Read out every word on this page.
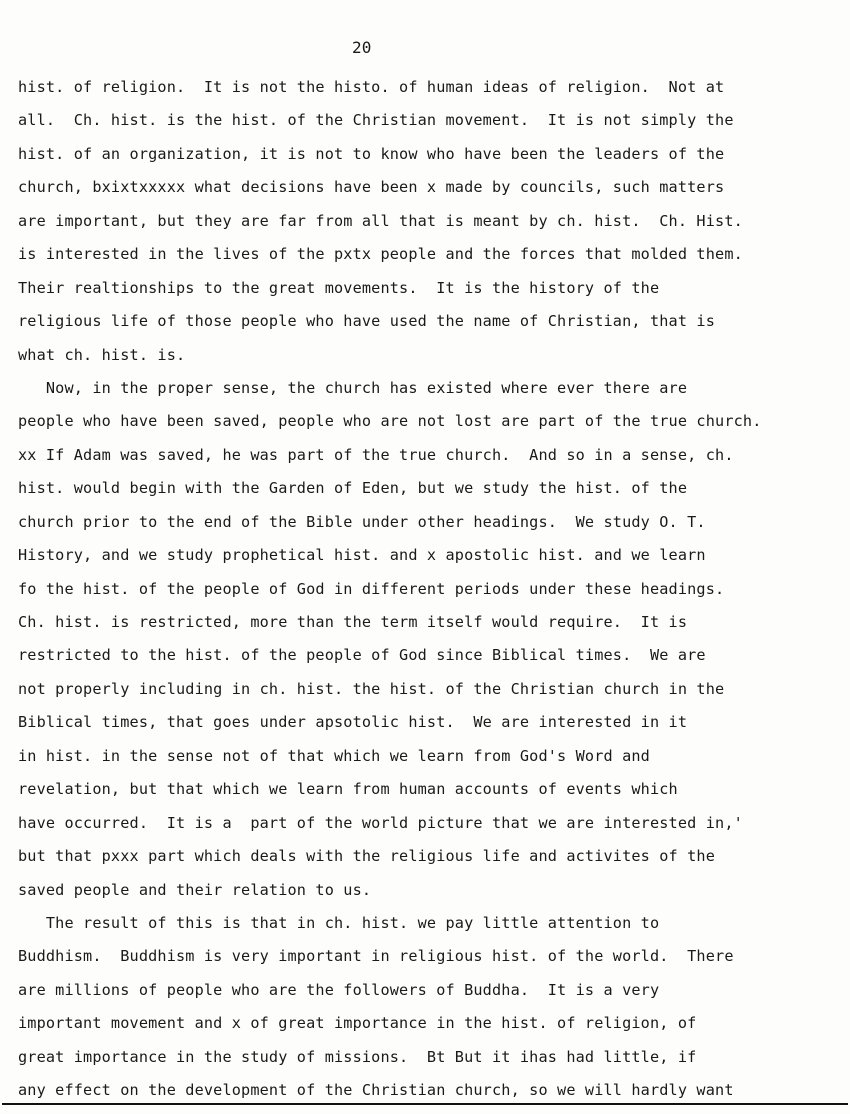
20
hist. of religion.  It is not the histo. of human ideas of religion.  Not at
all.  Ch. hist. is the hist. of the Christian movement.  It is not simply the
hist. of an organization, it is not to know who have been the leaders of the
church, bxixtxxxxx what decisions have been x made by councils, such matters
are important, but they are far from all that is meant by ch. hist.  Ch. Hist.
is interested in the lives of the pxtx people and the forces that molded them.
Their realtionships to the great movements.  It is the history of the
religious life of those people who have used the name of Christian, that is
what ch. hist. is.
Now, in the proper sense, the church has existed where ever there are
people who have been saved, people who are not lost are part of the true church.
xx If Adam was saved, he was part of the true church.  And so in a sense, ch.
hist. would begin with the Garden of Eden, but we study the hist. of the
church prior to the end of the Bible under other headings.  We study O. T.
History, and we study prophetical hist. and x apostolic hist. and we learn
fo the hist. of the people of God in different periods under these headings.
Ch. hist. is restricted, more than the term itself would require.  It is
restricted to the hist. of the people of God since Biblical times.  We are
not properly including in ch. hist. the hist. of the Christian church in the
Biblical times, that goes under apsotolic hist.  We are interested in it
in hist. in the sense not of that which we learn from God's Word and
revelation, but that which we learn from human accounts of events which
have occurred.  It is a  part of the world picture that we are interested in,'
but that pxxx part which deals with the religious life and activites of the
saved people and their relation to us.
The result of this is that in ch. hist. we pay little attention to
Buddhism.  Buddhism is very important in religious hist. of the world.  There
are millions of people who are the followers of Buddha.  It is a very
important movement and x of great importance in the hist. of religion, of
great importance in the study of missions.  Bt But it ihas had little, if
any effect on the development of the Christian church, so we will hardly want
